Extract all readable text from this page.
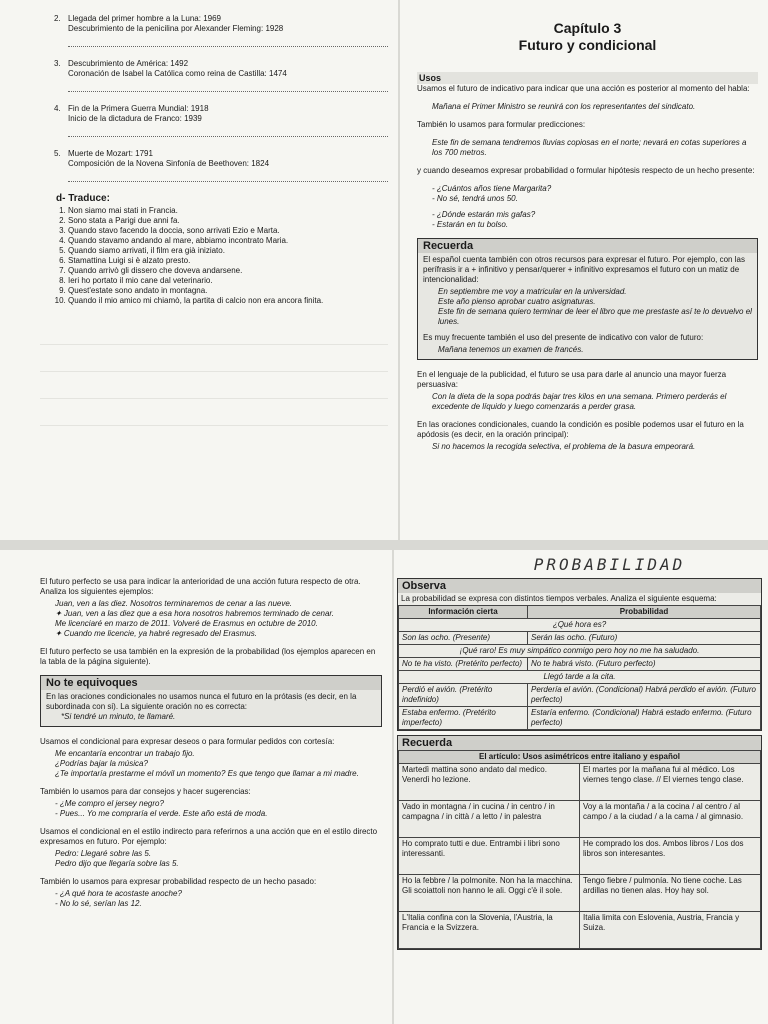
2. Llegada del primer hombre a la Luna: 1969
Descubrimiento de la penicilina por Alexander Fleming: 1928
3. Descubrimiento de América: 1492
Coronación de Isabel la Católica como reina de Castilla: 1474
4. Fin de la Primera Guerra Mundial: 1918
Inicio de la dictadura de Franco: 1939
5. Muerte de Mozart: 1791
Composición de la Novena Sinfonía de Beethoven: 1824
d- Traduce:
1. Non siamo mai stati in Francia.
2. Sono stata a Parigi due anni fa.
3. Quando stavo facendo la doccia, sono arrivati Ezio e Marta.
4. Quando stavamo andando al mare, abbiamo incontrato Maria.
5. Quando siamo arrivati, il film era già iniziato.
6. Stamattina Luigi si è alzato presto.
7. Quando arrivò gli dissero che doveva andarsene.
8. Ieri ho portato il mio cane dal veterinario.
9. Quest'estate sono andato in montagna.
10. Quando il mio amico mi chiamò, la partita di calcio non era ancora finita.
Capítulo 3
Futuro y condicional
Usos

Usamos el futuro de indicativo para indicar que una acción es posterior al momento del habla:

Mañana el Primer Ministro se reunirá con los representantes del sindicato.

También lo usamos para formular predicciones:

Este fin de semana tendremos lluvias copiosas en el norte; nevará en cotas superiores a los 700 metros.

y cuando deseamos expresar probabilidad o formular hipótesis respecto de un hecho presente:

- ¿Cuántos años tiene Margarita?
- No sé, tendrá unos 50.
- ¿Dónde estarán mis gafas?
- Estarán en tu bolso.
Recuerda

El español cuenta también con otros recursos para expresar el futuro. Por ejemplo, con las perífrasis ir a + infinitivo y pensar/querer + infinitivo expresamos el futuro con un matiz de intencionalidad:

En septiembre me voy a matricular en la universidad.
Este año pienso aprobar cuatro asignaturas.
Este fin de semana quiero terminar de leer el libro que me prestaste así te lo devuelvo el lunes.

Es muy frecuente también el uso del presente de indicativo con valor de futuro:

Mañana tenemos un examen de francés.

En el lenguaje de la publicidad, el futuro se usa para darle al anuncio una mayor fuerza persuasiva:

Con la dieta de la sopa podrás bajar tres kilos en una semana. Primero perderás el excedente de líquido y luego comenzarás a perder grasa.

En las oraciones condicionales, cuando la condición es posible podemos usar el futuro en la apódosis (es decir, en la oración principal):

Si no hacemos la recogida selectiva, el problema de la basura empeorará.

El futuro perfecto se usa para indicar la anterioridad de una acción futura respecto de otra. Analiza los siguientes ejemplos:

Juan, ven a las diez. Nosotros terminaremos de cenar a las nueve.
✦ Juan, ven a las diez que a esa hora nosotros habremos terminado de cenar.
Me licenciaré en marzo de 2011. Volveré de Erasmus en octubre de 2010.
✦ Cuando me licencie, ya habré regresado del Erasmus.

El futuro perfecto se usa también en la expresión de la probabilidad (los ejemplos aparecen en la tabla de la página siguiente).

No te equivoques
En las oraciones condicionales no usamos nunca el futuro en la prótasis (es decir, en la subordinada con si). La siguiente oración no es correcta:
*Si tendré un minuto, te llamaré.

Usamos el condicional para expresar deseos o para formular pedidos con cortesía:

Me encantaría encontrar un trabajo fijo.
¿Podrías bajar la música?
¿Te importaría prestarme el móvil un momento? Es que tengo que llamar a mi madre.

También lo usamos para dar consejos y hacer sugerencias:

- ¿Me compro el jersey negro?
- Pues... Yo me compraría el verde. Este año está de moda.

Usamos el condicional en el estilo indirecto para referirnos a una acción que en el estilo directo expresamos en futuro. Por ejemplo:

Pedro: Llegaré sobre las 5.
Pedro dijo que llegaría sobre las 5.

También lo usamos para expresar probabilidad respecto de un hecho pasado:

- ¿A qué hora te acostaste anoche?
- No lo sé, serían las 12.
PROBABILIDAD
Observa
La probabilidad se expresa con distintos tiempos verbales. Analiza el siguiente esquema:
Información cierta	Probabilidad
¿Qué hora es?	
Son las ocho. (Presente)	Serán las ocho. (Futuro)
¡Qué raro! Es muy simpático conmigo pero hoy no me ha saludado.	
No te ha visto. (Pretérito perfecto)	No te habrá visto. (Futuro perfecto)
Llegó tarde a la cita.	
Perdió el avión. (Pretérito indefinido)	Perdería el avión. (Condicional) Habrá perdido el avión. (Futuro perfecto)
Estaba enfermo. (Pretérito imperfecto)	Estaría enfermo. (Condicional) Habrá estado enfermo. (Futuro perfecto)
Recuerda
El artículo: Usos asimétricos entre italiano y español	
Martedì mattina sono andato dal medico. Venerdì ho lezione.	El martes por la mañana fui al médico. Los viernes tengo clase. // El viernes tengo clase.
Vado in montagna / in cucina / in centro / in campagna / in città / a letto / in palestra	Voy a la montaña / a la cocina / al centro / al campo / a la ciudad / a la cama / al gimnasio.
Ho comprato tutti e due. Entrambi i libri sono interessanti.	He comprado los dos. Ambos libros / Los dos libros son interesantes.
Ho la febbre / la polmonite. Non ha la macchina. Gli scoiattoli non hanno le ali. Oggi c'è il sole.	Tengo fiebre / pulmonía. No tiene coche. Las ardillas no tienen alas. Hoy hay sol.
L'Italia confina con la Slovenia, l'Austria, la Francia e la Svizzera.	Italia limita con Eslovenia, Austria, Francia y Suiza.
